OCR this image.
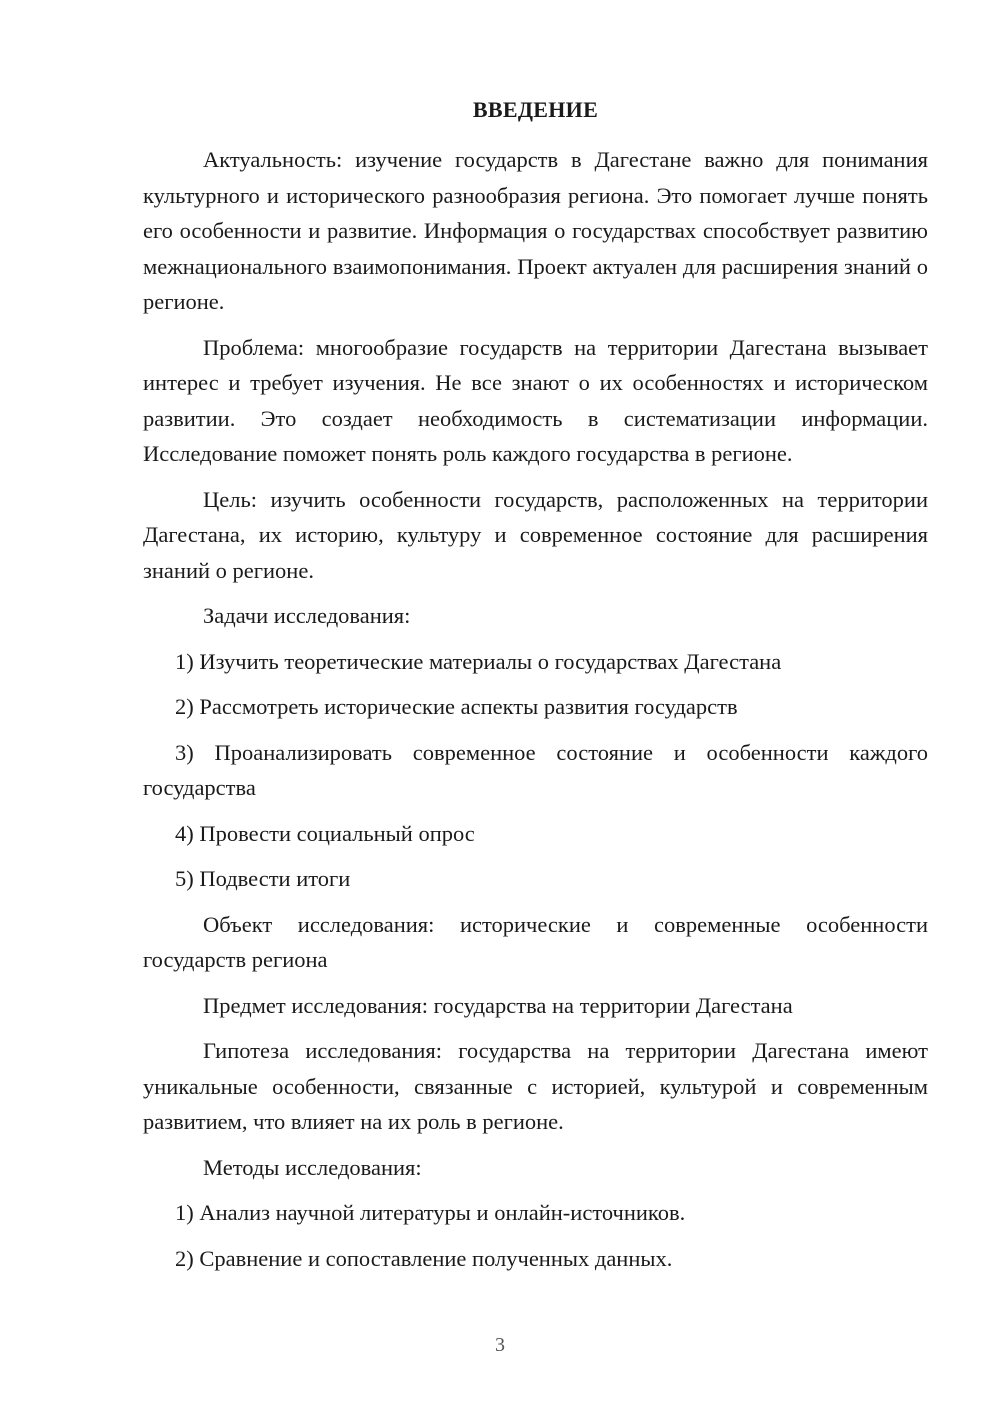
ВВЕДЕНИЕ

Актуальность: изучение государств в Дагестане важно для понимания культурного и исторического разнообразия региона. Это помогает лучше понять его особенности и развитие. Информация о государствах способствует развитию межнационального взаимопонимания. Проект актуален для расширения знаний о регионе.

Проблема: многообразие государств на территории Дагестана вызывает интерес и требует изучения. Не все знают о их особенностях и историческом развитии. Это создает необходимость в систематизации информации. Исследование поможет понять роль каждого государства в регионе.

Цель: изучить особенности государств, расположенных на территории Дагестана, их историю, культуру и современное состояние для расширения знаний о регионе.

Задачи исследования:

1) Изучить теоретические материалы о государствах Дагестана

2) Рассмотреть исторические аспекты развития государств

3) Проанализировать современное состояние и особенности каждого государства

4) Провести социальный опрос

5) Подвести итоги

Объект исследования: исторические и современные особенности государств региона

Предмет исследования: государства на территории Дагестана

Гипотеза исследования: государства на территории Дагестана имеют уникальные особенности, связанные с историей, культурой и современным развитием, что влияет на их роль в регионе.

Методы исследования:

1) Анализ научной литературы и онлайн-источников.

2) Сравнение и сопоставление полученных данных.

3
